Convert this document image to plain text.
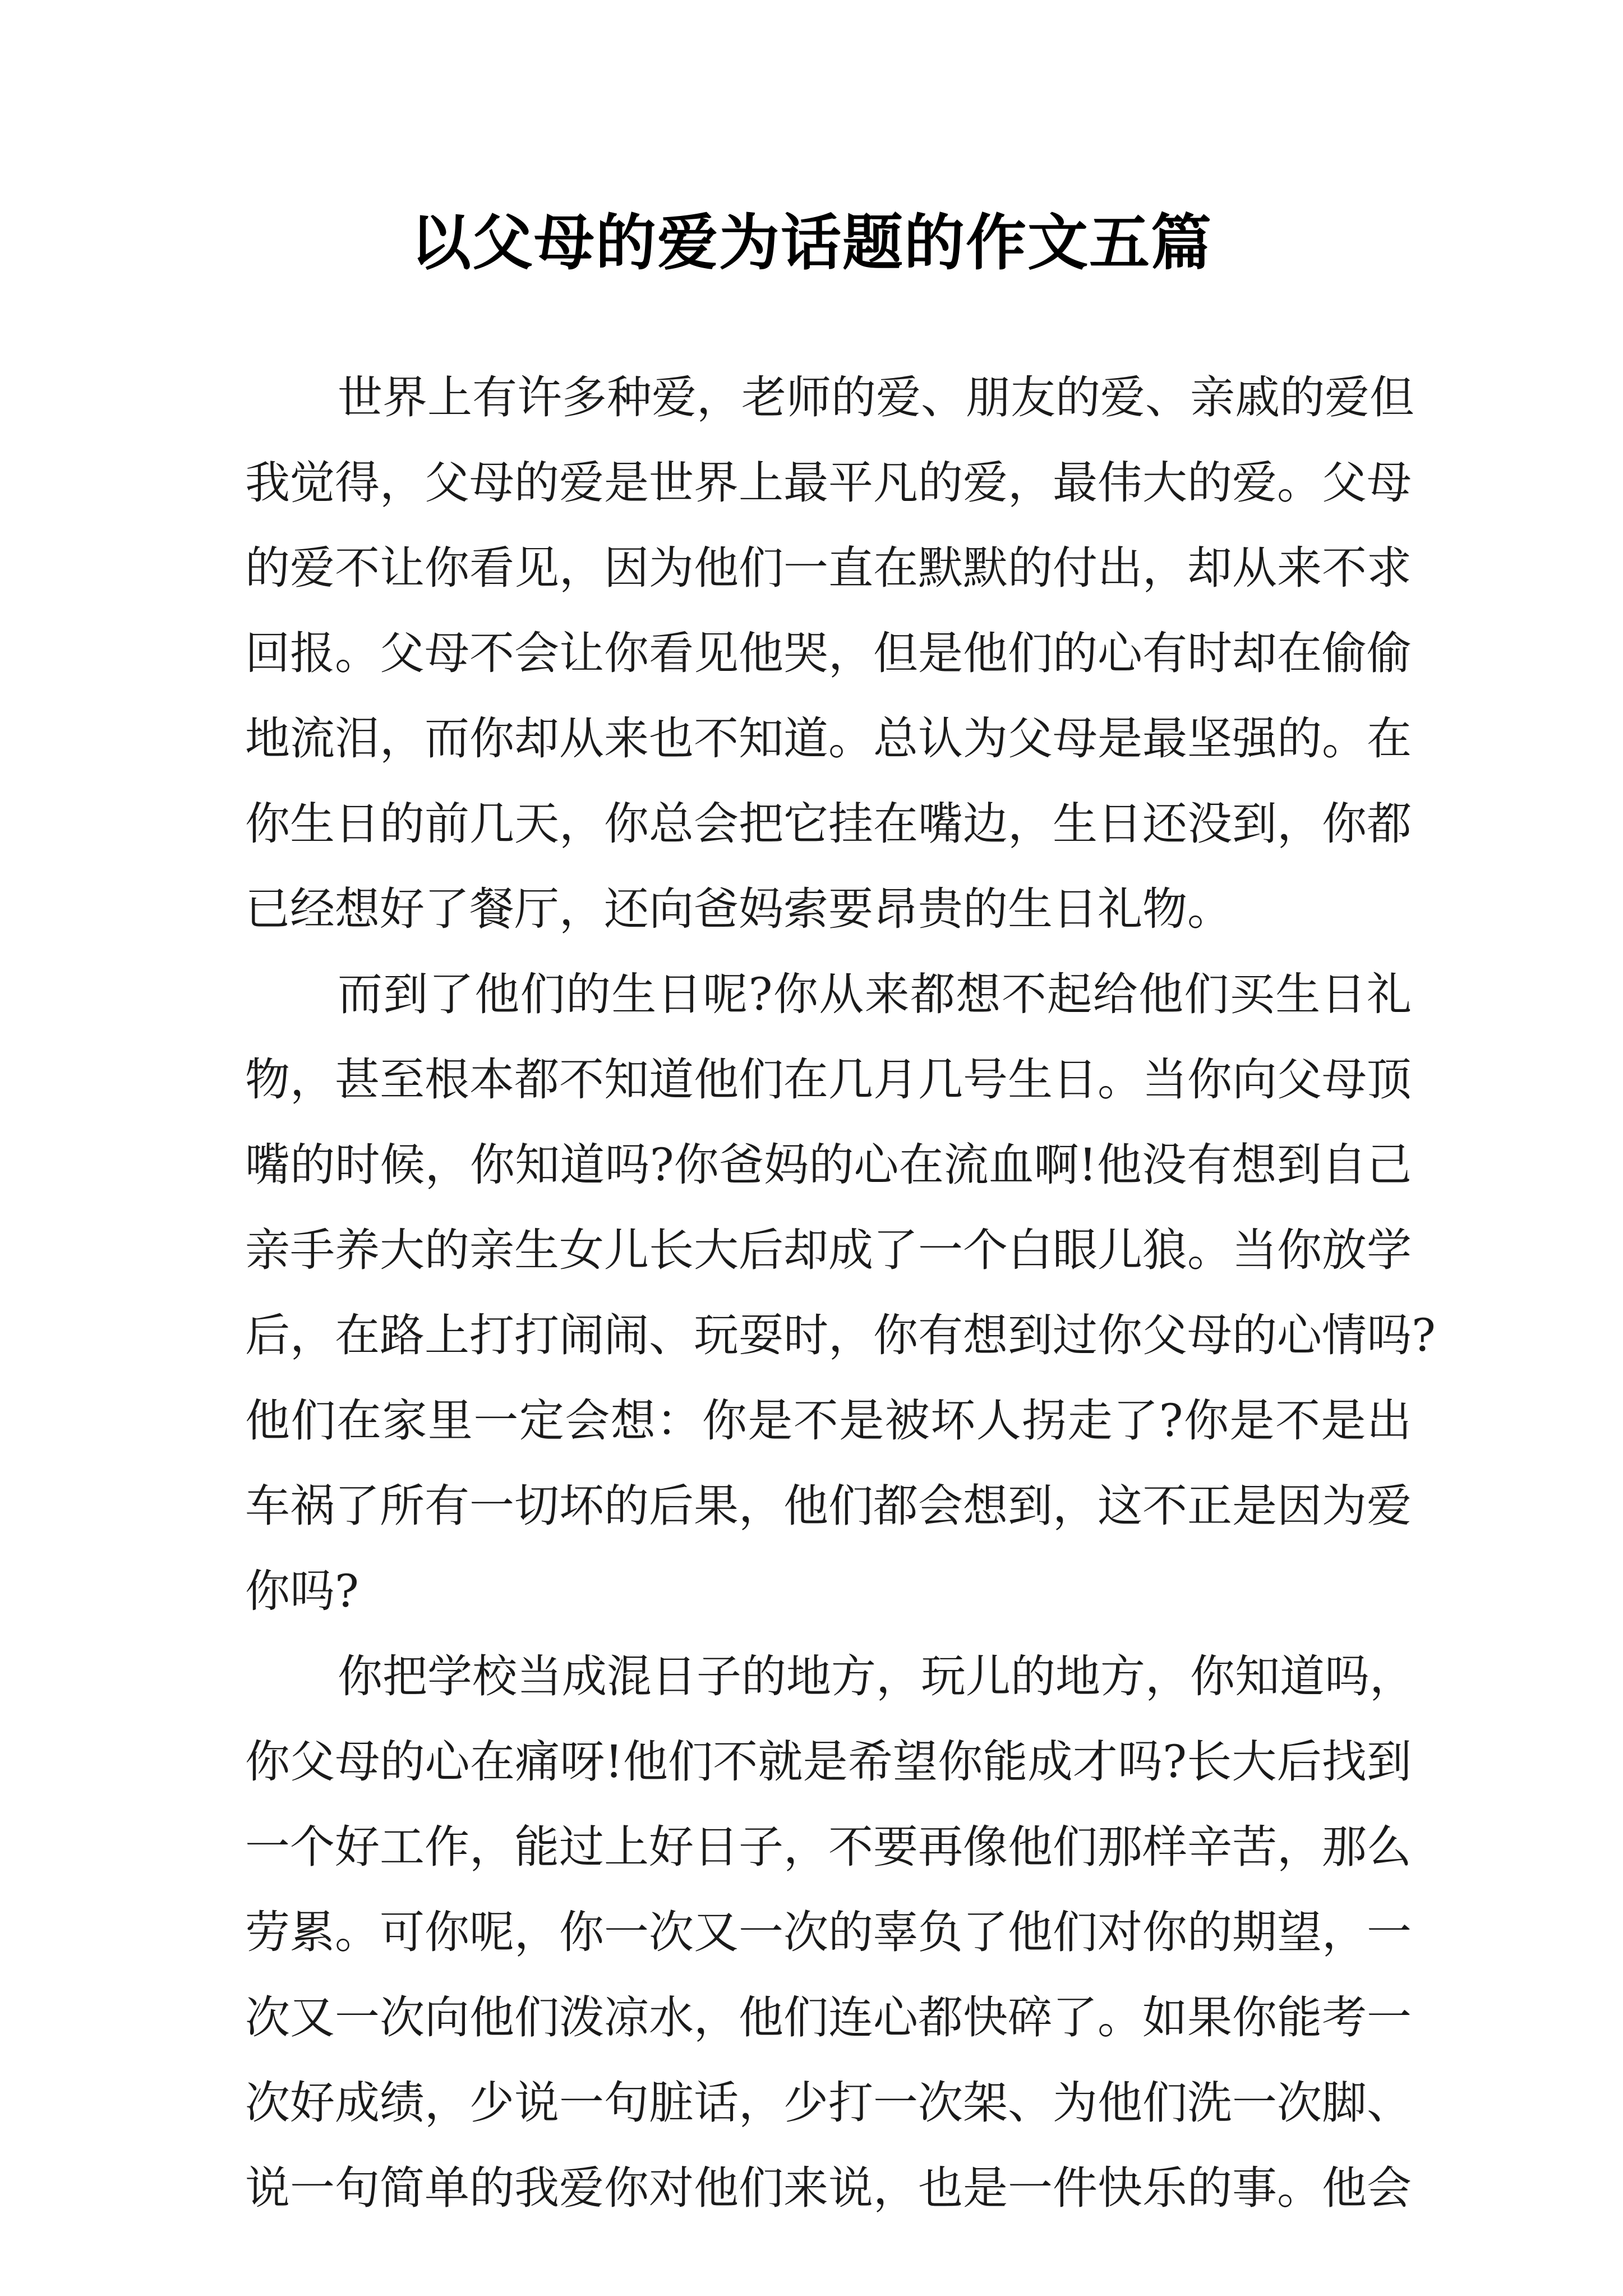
以父母的爱为话题的作文五篇

世界上有许多种爱，老师的爱、朋友的爱、亲戚的爱但
我觉得，父母的爱是世界上最平凡的爱，最伟大的爱。父母
的爱不让你看见，因为他们一直在默默的付出，却从来不求
回报。父母不会让你看见他哭，但是他们的心有时却在偷偷
地流泪，而你却从来也不知道。总认为父母是最坚强的。在
你生日的前几天，你总会把它挂在嘴边，生日还没到，你都
已经想好了餐厅，还向爸妈索要昂贵的生日礼物。

而到了他们的生日呢?你从来都想不起给他们买生日礼
物，甚至根本都不知道他们在几月几号生日。当你向父母顶
嘴的时候，你知道吗?你爸妈的心在流血啊!他没有想到自己
亲手养大的亲生女儿长大后却成了一个白眼儿狼。当你放学
后，在路上打打闹闹、玩耍时，你有想到过你父母的心情吗?
他们在家里一定会想：你是不是被坏人拐走了?你是不是出
车祸了所有一切坏的后果，他们都会想到，这不正是因为爱
你吗?

你把学校当成混日子的地方，玩儿的地方，你知道吗，
你父母的心在痛呀!他们不就是希望你能成才吗?长大后找到
一个好工作，能过上好日子，不要再像他们那样辛苦，那么
劳累。可你呢，你一次又一次的辜负了他们对你的期望，一
次又一次向他们泼凉水，他们连心都快碎了。如果你能考一
次好成绩，少说一句脏话，少打一次架、为他们洗一次脚、
说一句简单的我爱你对他们来说，也是一件快乐的事。他会
